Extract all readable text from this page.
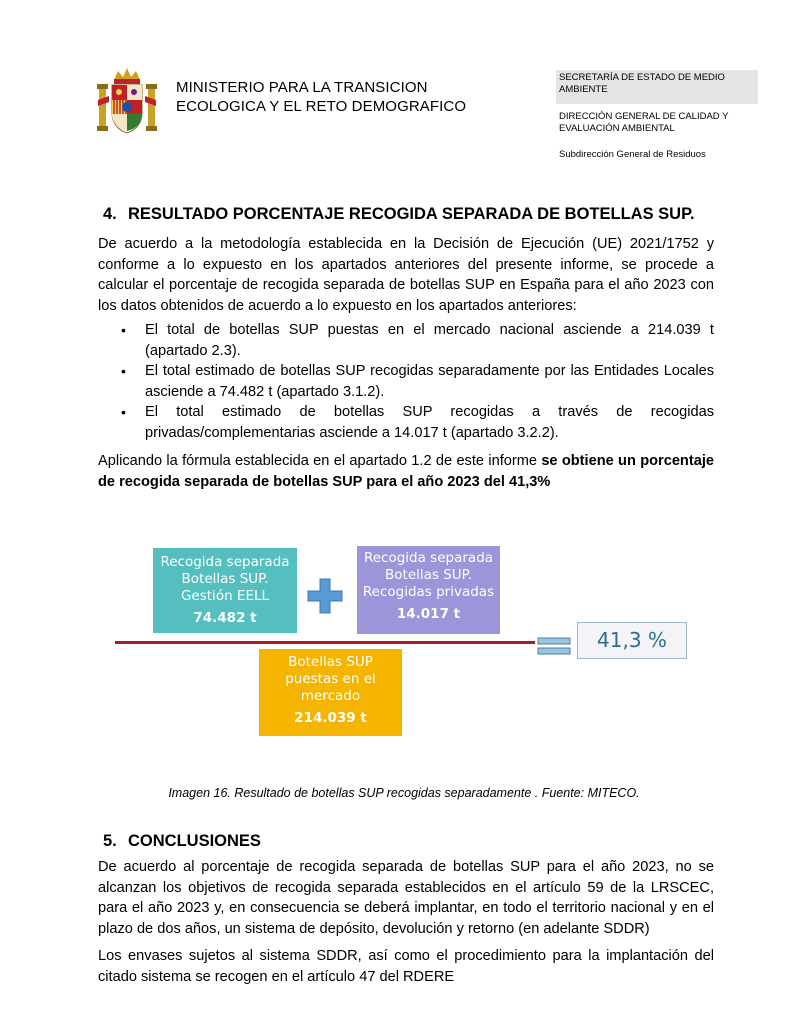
MINISTERIO PARA LA TRANSICION
ECOLOGICA Y EL RETO DEMOGRAFICO
SECRETARÍA DE ESTADO DE MEDIO AMBIENTE
DIRECCIÓN GENERAL DE CALIDAD Y EVALUACIÓN AMBIENTAL
Subdirección General de Residuos
4. RESULTADO PORCENTAJE RECOGIDA SEPARADA DE BOTELLAS SUP.
De acuerdo a la metodología establecida en la Decisión de Ejecución (UE) 2021/1752 y conforme a lo expuesto en los apartados anteriores del presente informe, se procede a calcular el porcentaje de recogida separada de botellas SUP en España para el año 2023 con los datos obtenidos de acuerdo a lo expuesto en los apartados anteriores:
• El total de botellas SUP puestas en el mercado nacional asciende a 214.039 t (apartado 2.3).
• El total estimado de botellas SUP recogidas separadamente por las Entidades Locales asciende a 74.482 t (apartado 3.1.2).
• El total estimado de botellas SUP recogidas a través de recogidas privadas/complementarias asciende a 14.017 t (apartado 3.2.2).
Aplicando la fórmula establecida en el apartado 1.2 de este informe se obtiene un porcentaje de recogida separada de botellas SUP para el año 2023 del 41,3%
Recogida separada
Botellas SUP.
Gestión EELL
74.482 t
Recogida separada
Botellas SUP.
Recogidas privadas
14.017 t
41,3 %
Botellas SUP
puestas en el
mercado
214.039 t
Imagen 16. Resultado de botellas SUP recogidas separadamente . Fuente: MITECO.
5. CONCLUSIONES
De acuerdo al porcentaje de recogida separada de botellas SUP para el año 2023, no se alcanzan los objetivos de recogida separada establecidos en el artículo 59 de la LRSCEC, para el año 2023 y, en consecuencia se deberá implantar, en todo el territorio nacional y en el plazo de dos años, un sistema de depósito, devolución y retorno (en adelante SDDR)
Los envases sujetos al sistema SDDR, así como el procedimiento para la implantación del citado sistema se recogen en el artículo 47 del RDERE
